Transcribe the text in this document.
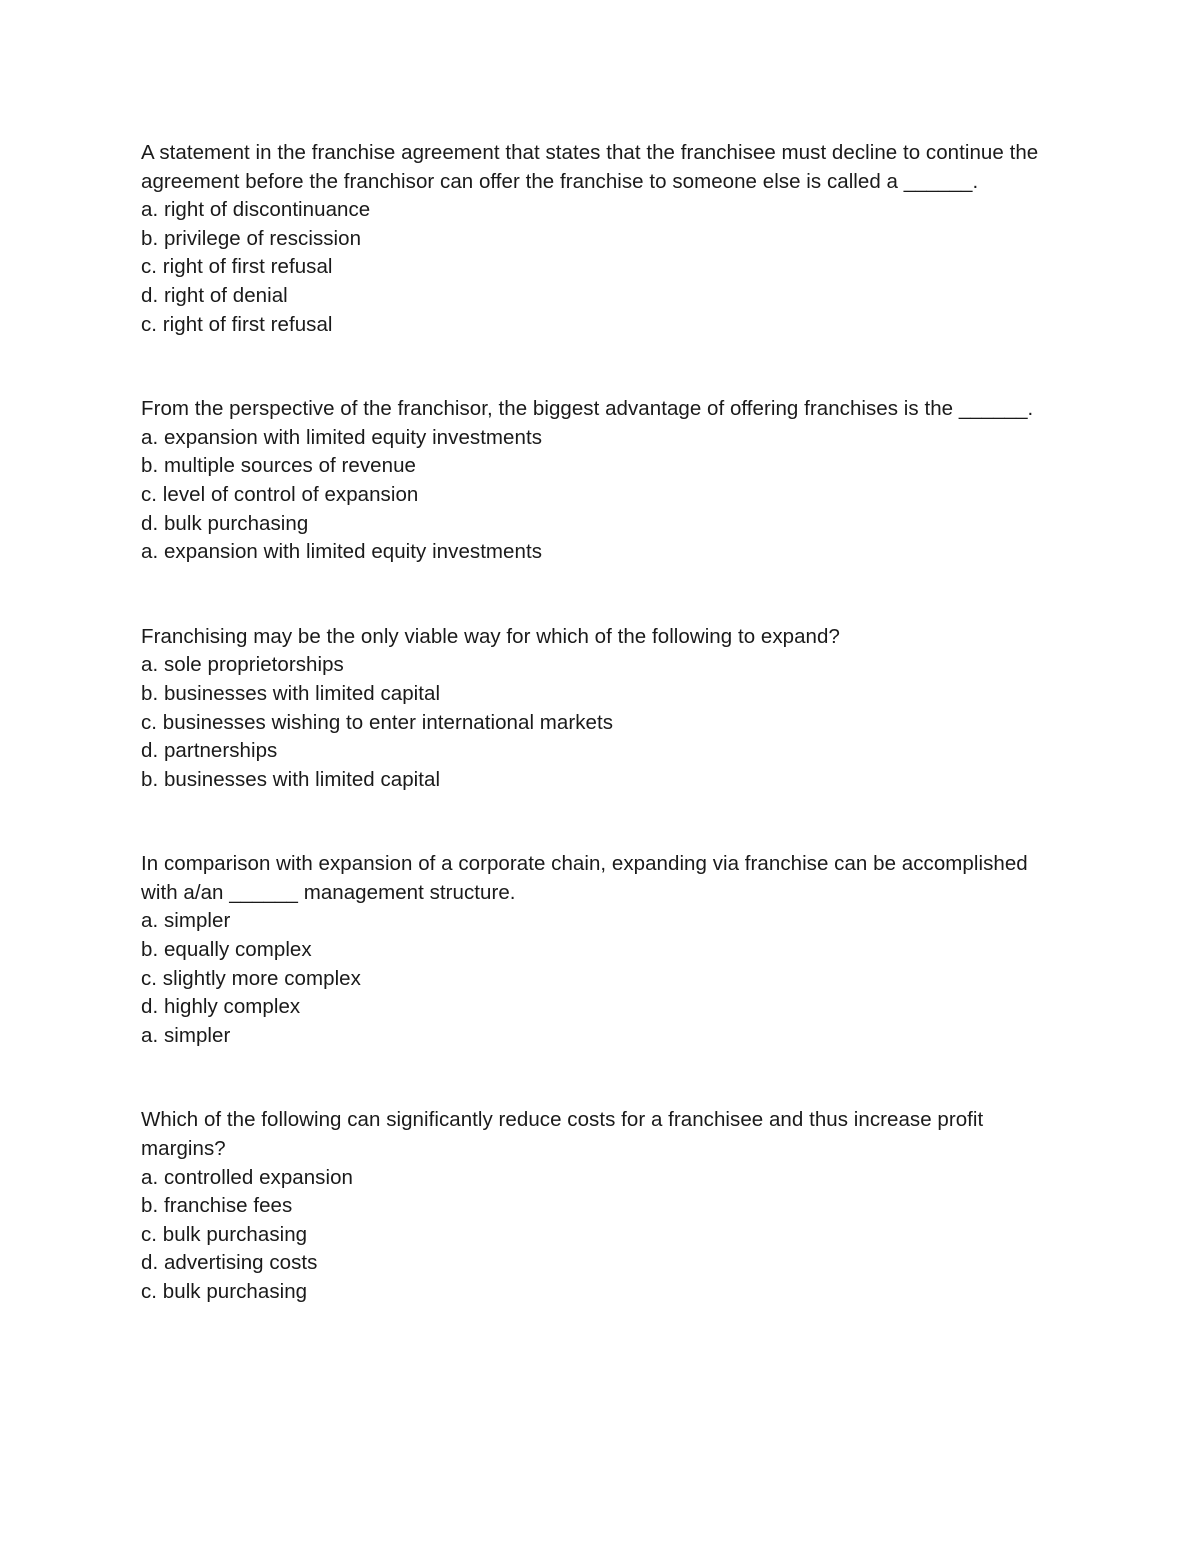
A statement in the franchise agreement that states that the franchisee must decline to continue the agreement before the franchisor can offer the franchise to someone else is called a ______.
a. right of discontinuance
b. privilege of rescission
c. right of first refusal
d. right of denial
c. right of first refusal
From the perspective of the franchisor, the biggest advantage of offering franchises is the ______.
a. expansion with limited equity investments
b. multiple sources of revenue
c. level of control of expansion
d. bulk purchasing
a. expansion with limited equity investments
Franchising may be the only viable way for which of the following to expand?
a. sole proprietorships
b. businesses with limited capital
c. businesses wishing to enter international markets
d. partnerships
b. businesses with limited capital
In comparison with expansion of a corporate chain, expanding via franchise can be accomplished with a/an ______ management structure.
a. simpler
b. equally complex
c. slightly more complex
d. highly complex
a. simpler
Which of the following can significantly reduce costs for a franchisee and thus increase profit margins?
a. controlled expansion
b. franchise fees
c. bulk purchasing
d. advertising costs
c. bulk purchasing
